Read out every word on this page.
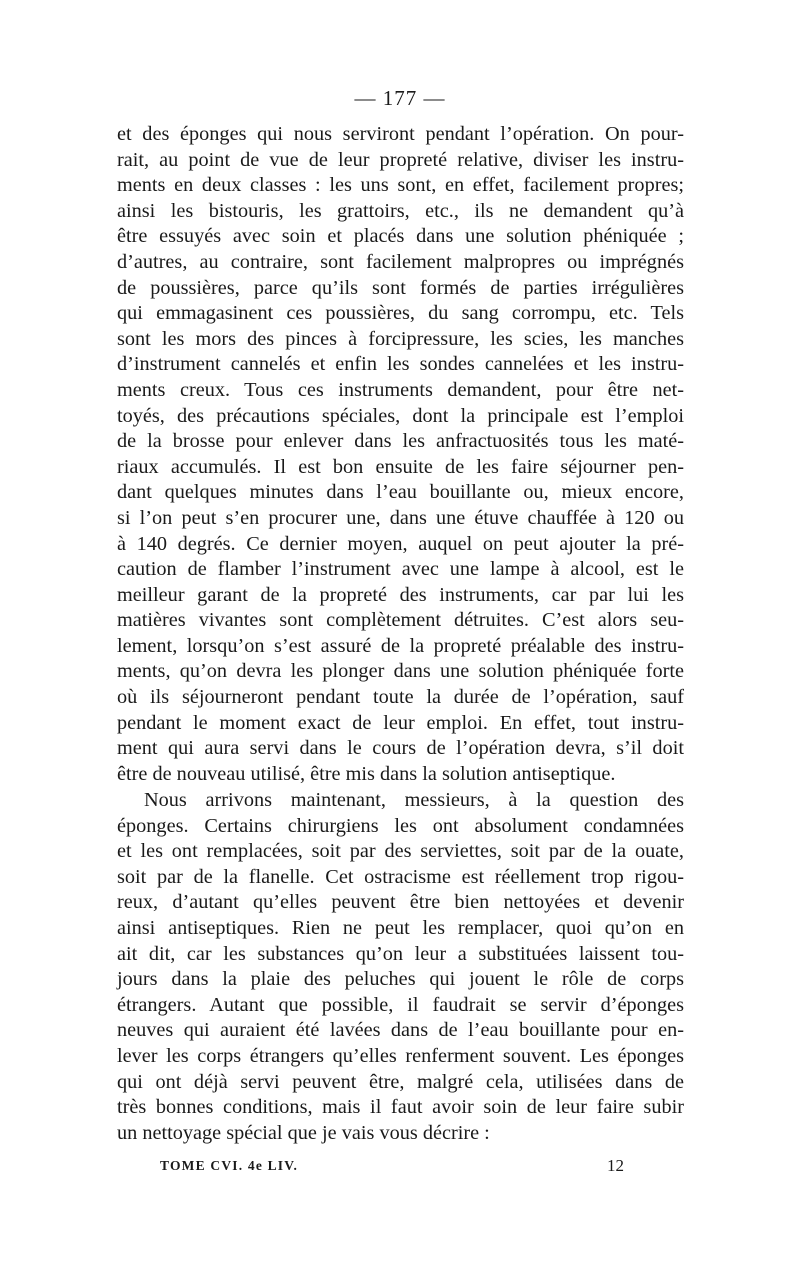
— 177 —
et des éponges qui nous serviront pendant l’opération. On pour-
rait, au point de vue de leur propreté relative, diviser les instru-
ments en deux classes : les uns sont, en effet, facilement propres;
ainsi les bistouris, les grattoirs, etc., ils ne demandent qu’à
être essuyés avec soin et placés dans une solution phéniquée ;
d’autres, au contraire, sont facilement malpropres ou imprégnés
de poussières, parce qu’ils sont formés de parties irrégulières
qui emmagasinent ces poussières, du sang corrompu, etc. Tels
sont les mors des pinces à forcipressure, les scies, les manches
d’instrument cannelés et enfin les sondes cannelées et les instru-
ments creux. Tous ces instruments demandent, pour être net-
toyés, des précautions spéciales, dont la principale est l’emploi
de la brosse pour enlever dans les anfractuosités tous les maté-
riaux accumulés. Il est bon ensuite de les faire séjourner pen-
dant quelques minutes dans l’eau bouillante ou, mieux encore,
si l’on peut s’en procurer une, dans une étuve chauffée à 120 ou
à 140 degrés. Ce dernier moyen, auquel on peut ajouter la pré-
caution de flamber l’instrument avec une lampe à alcool, est le
meilleur garant de la propreté des instruments, car par lui les
matières vivantes sont complètement détruites. C’est alors seu-
lement, lorsqu’on s’est assuré de la propreté préalable des instru-
ments, qu’on devra les plonger dans une solution phéniquée forte
où ils séjourneront pendant toute la durée de l’opération, sauf
pendant le moment exact de leur emploi. En effet, tout instru-
ment qui aura servi dans le cours de l’opération devra, s’il doit
être de nouveau utilisé, être mis dans la solution antiseptique.
Nous arrivons maintenant, messieurs, à la question des
éponges. Certains chirurgiens les ont absolument condamnées
et les ont remplacées, soit par des serviettes, soit par de la ouate,
soit par de la flanelle. Cet ostracisme est réellement trop rigou-
reux, d’autant qu’elles peuvent être bien nettoyées et devenir
ainsi antiseptiques. Rien ne peut les remplacer, quoi qu’on en
ait dit, car les substances qu’on leur a substituées laissent tou-
jours dans la plaie des peluches qui jouent le rôle de corps
étrangers. Autant que possible, il faudrait se servir d’éponges
neuves qui auraient été lavées dans de l’eau bouillante pour en-
lever les corps étrangers qu’elles renferment souvent. Les éponges
qui ont déjà servi peuvent être, malgré cela, utilisées dans de
très bonnes conditions, mais il faut avoir soin de leur faire subir
un nettoyage spécial que je vais vous décrire :
TOME CVI. 4e LIV.	12
